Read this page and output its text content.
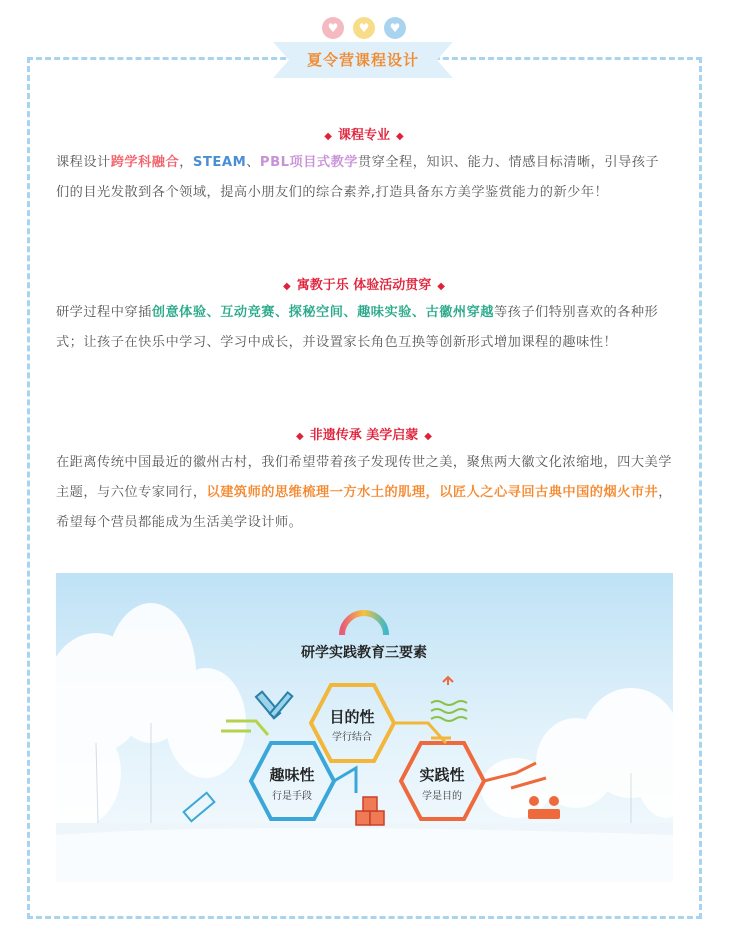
♥	♥	♥
夏令营课程设计
◆ 课程专业 ◆
课程设计跨学科融合，STEAM、PBL项目式教学贯穿全程，知识、能力、情感目标清晰，引导孩子们的目光发散到各个领域，提高小朋友们的综合素养,打造具备东方美学鉴赏能力的新少年！
◆ 寓教于乐 体验活动贯穿 ◆
研学过程中穿插创意体验、互动竞赛、探秘空间、趣味实验、古徽州穿越等孩子们特别喜欢的各种形式；让孩子在快乐中学习、学习中成长，并设置家长角色互换等创新形式增加课程的趣味性！
◆ 非遗传承 美学启蒙 ◆
在距离传统中国最近的徽州古村，我们希望带着孩子发现传世之美，聚焦两大徽文化浓缩地，四大美学主题，与六位专家同行，以建筑师的思维梳理一方水土的肌理，以匠人之心寻回古典中国的烟火市井，希望每个营员都能成为生活美学设计师。
研学实践教育三要素
趣味性
行是手段
目的性
学行结合
实践性
学是目的
